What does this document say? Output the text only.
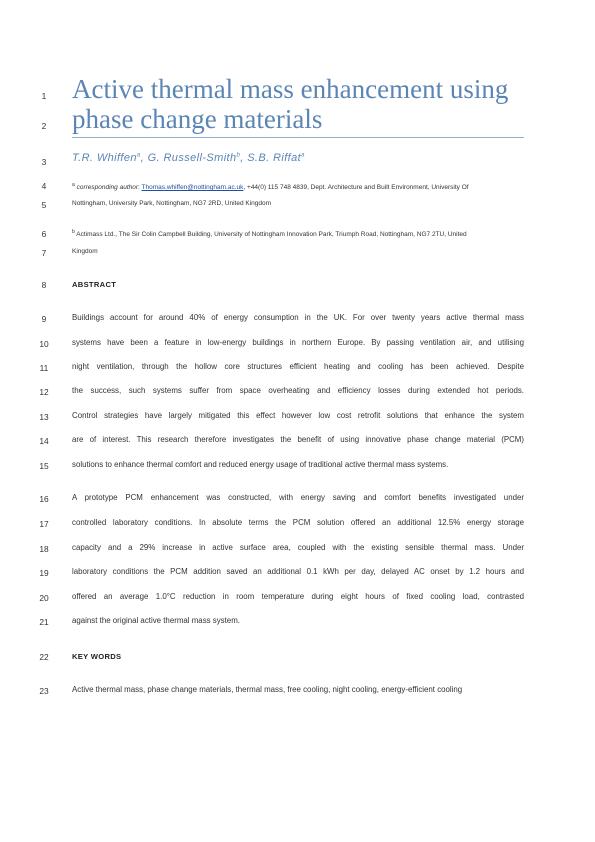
1
2
3
4
5
6
7
8
9
10
11
12
13
14
15
16
17
18
19
20
21
22
23
Active thermal mass enhancement using
phase change materials
T.R. Whiffen$^a$, G. Russell-Smith$^b$, S.B. Riffat$^a$
$^a$ corresponding author: Thomas.whiffen@nottingham.ac.uk, +44(0) 115 748 4839, Dept. Architecture and Built Environment, University Of
Nottingham, University Park, Nottingham, NG7 2RD, United Kingdom
$^b$ Actimass Ltd., The Sir Colin Campbell Building, University of Nottingham Innovation Park, Triumph Road, Nottingham, NG7 2TU, United
Kingdom
ABSTRACT
Buildings account for around 40% of energy consumption in the UK. For over twenty years active thermal mass
systems have been a feature in low-energy buildings in northern Europe. By passing ventilation air, and utilising
night ventilation, through the hollow core structures efficient heating and cooling has been achieved. Despite
the success, such systems suffer from space overheating and efficiency losses during extended hot periods.
Control strategies have largely mitigated this effect however low cost retrofit solutions that enhance the system
are of interest. This research therefore investigates the benefit of using innovative phase change material (PCM)
solutions to enhance thermal comfort and reduced energy usage of traditional active thermal mass systems.
A prototype PCM enhancement was constructed, with energy saving and comfort benefits investigated under
controlled laboratory conditions. In absolute terms the PCM solution offered an additional 12.5% energy storage
capacity and a 29% increase in active surface area, coupled with the existing sensible thermal mass. Under
laboratory conditions the PCM addition saved an additional 0.1 kWh per day, delayed AC onset by 1.2 hours and
offered an average 1.0°C reduction in room temperature during eight hours of fixed cooling load, contrasted
against the original active thermal mass system.
KEY WORDS
Active thermal mass, phase change materials, thermal mass, free cooling, night cooling, energy-efficient cooling
